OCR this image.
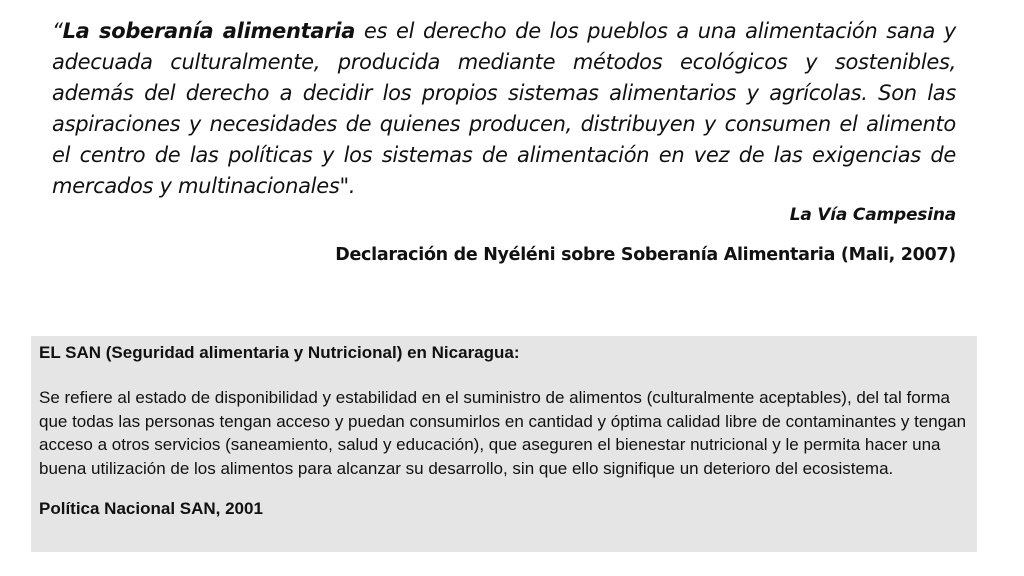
“La soberanía alimentaria es el derecho de los pueblos a una alimentación sana y adecuada culturalmente, producida mediante métodos ecológicos y sostenibles, además del derecho a decidir los propios sistemas alimentarios y agrícolas. Son las aspiraciones y necesidades de quienes producen, distribuyen y consumen el alimento el centro de las políticas y los sistemas de alimentación en vez de las exigencias de mercados y multinacionales".

La Vía Campesina
Declaración de Nyéléni sobre Soberanía Alimentaria (Mali, 2007)

EL SAN (Seguridad alimentaria y Nutricional) en Nicaragua:

Se refiere al estado de disponibilidad y estabilidad en el suministro de alimentos (culturalmente aceptables), del tal forma que todas las personas tengan acceso y puedan consumirlos en cantidad y óptima calidad libre de contaminantes y tengan acceso a otros servicios (saneamiento, salud y educación), que aseguren el bienestar nutricional y le permita hacer una buena utilización de los alimentos para alcanzar su desarrollo, sin que ello signifique un deterioro del ecosistema.

Política Nacional SAN, 2001
